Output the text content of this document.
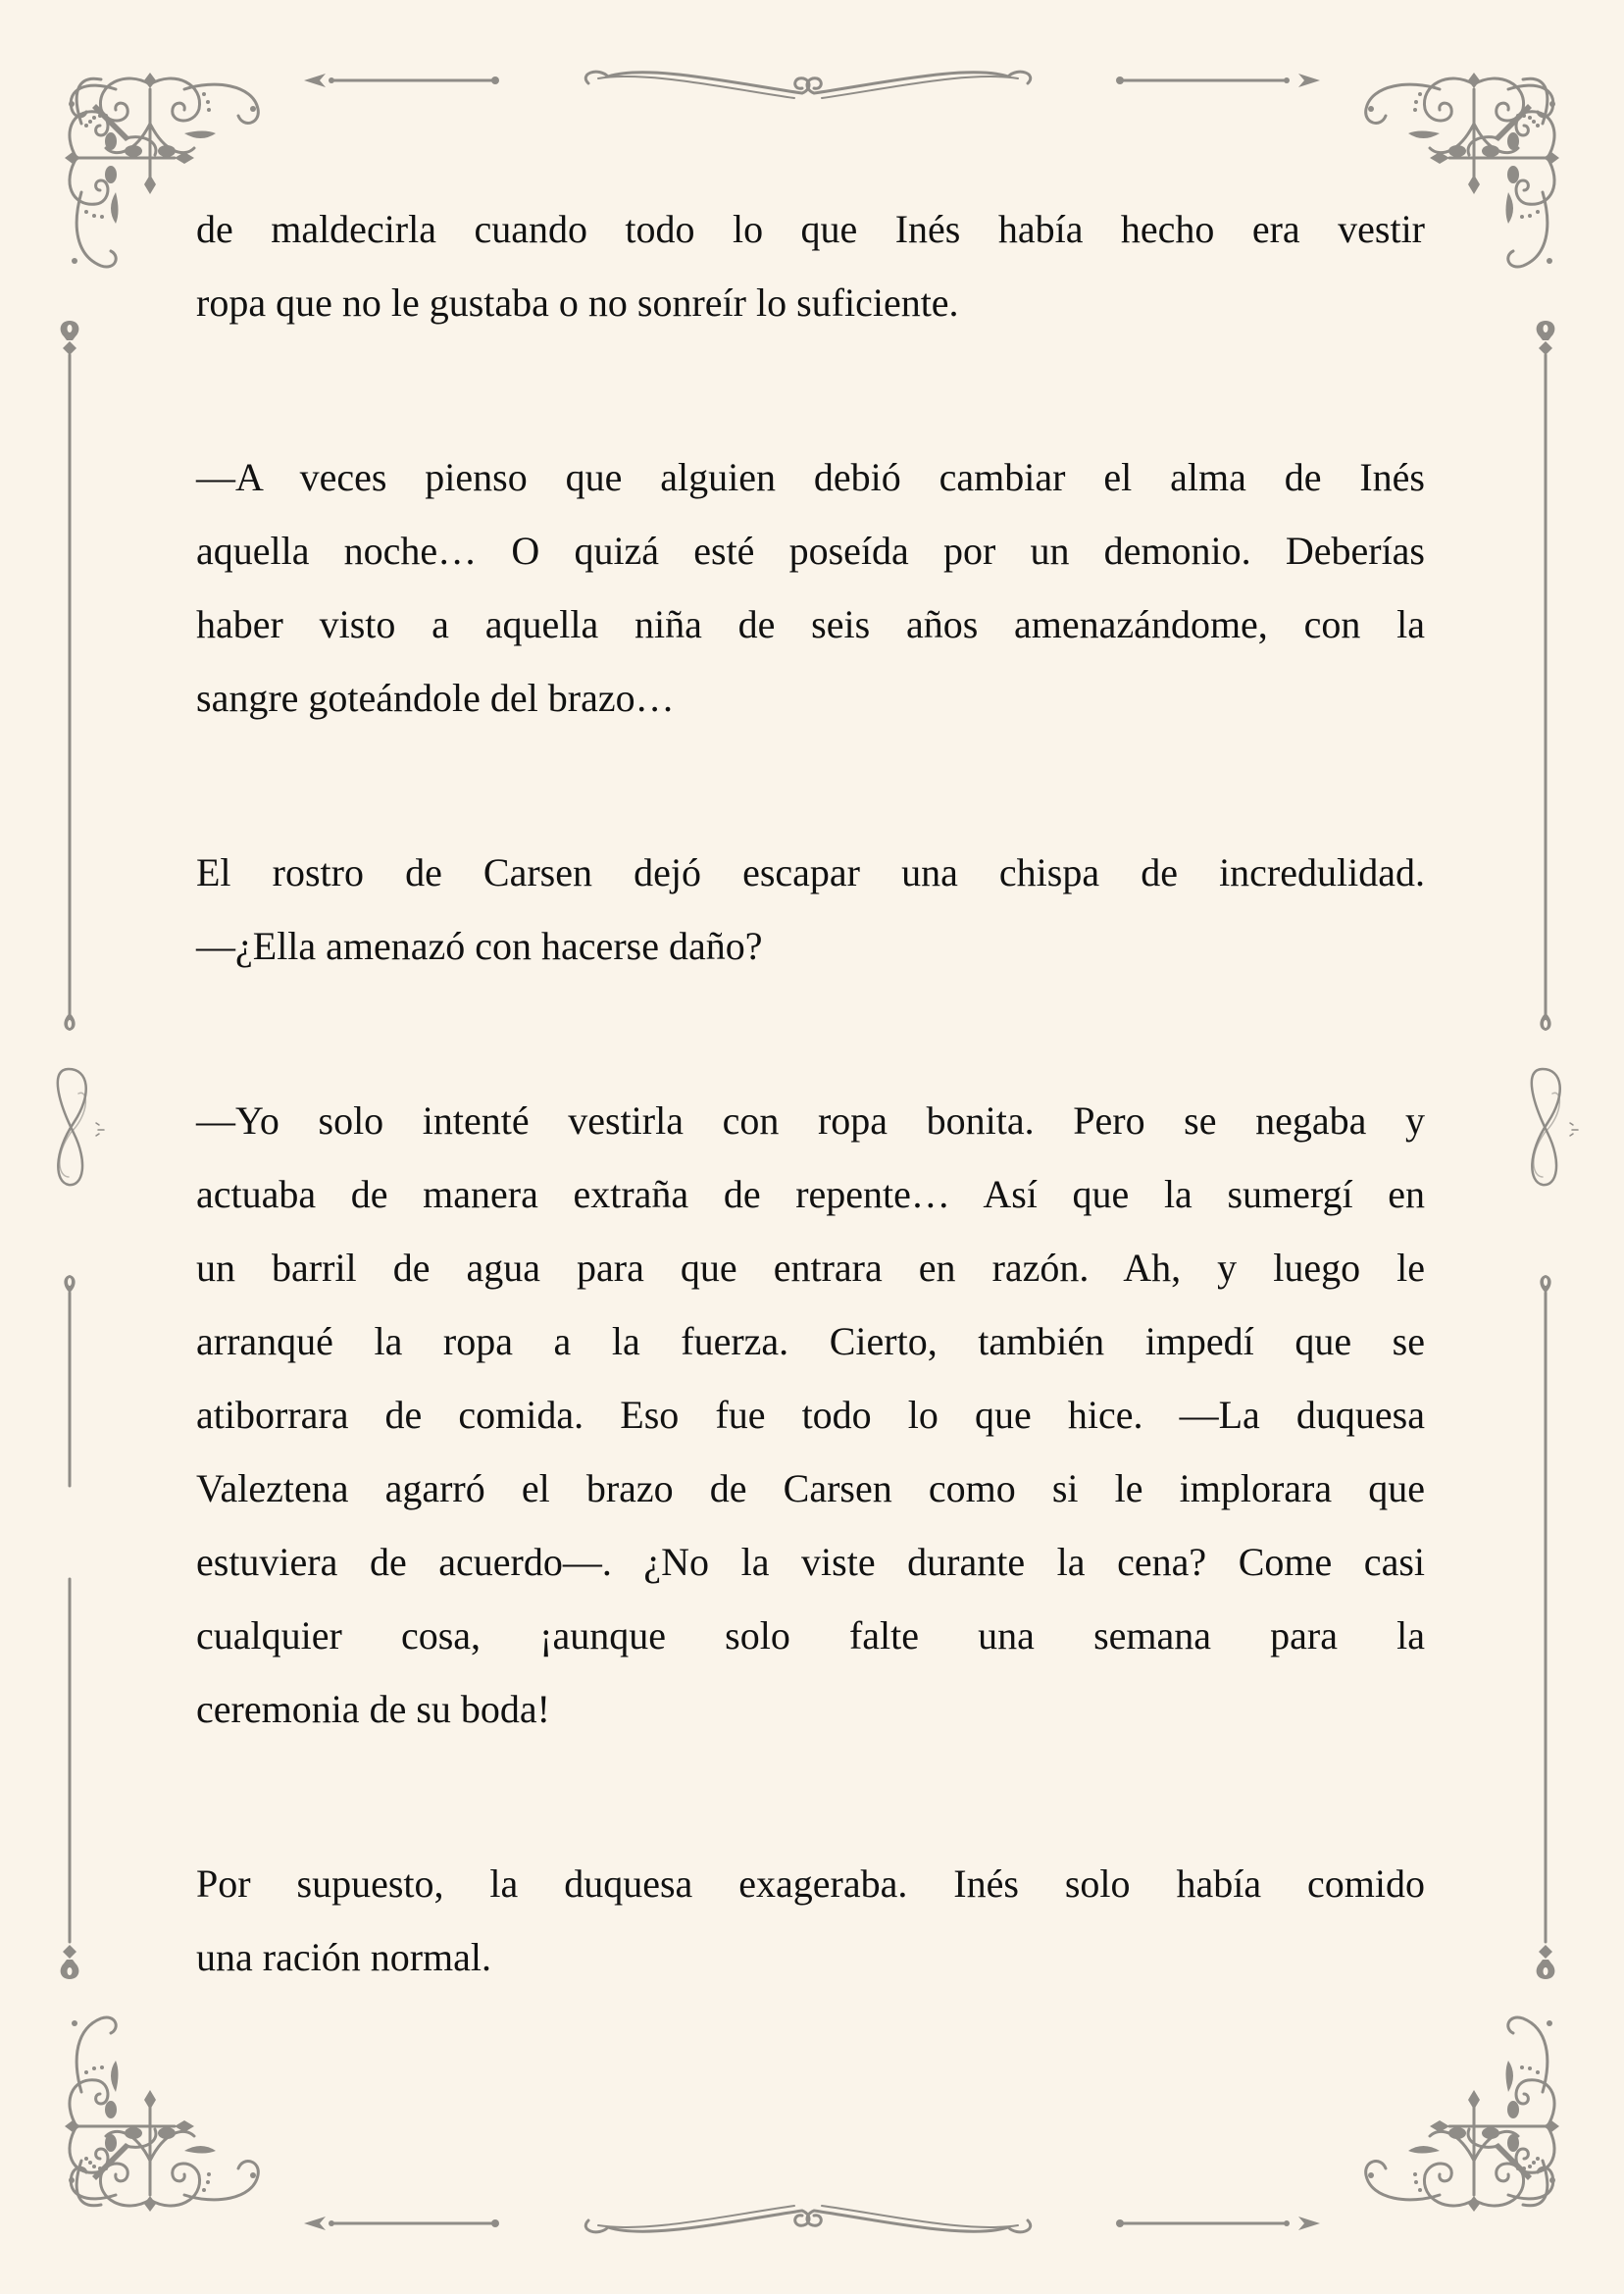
de maldecirla cuando todo lo que Inés había hecho era vestir
ropa que no le gustaba o no sonreír lo suficiente.

—A veces pienso que alguien debió cambiar el alma de Inés
aquella noche… O quizá esté poseída por un demonio. Deberías
haber visto a aquella niña de seis años amenazándome, con la
sangre goteándole del brazo…

El rostro de Carsen dejó escapar una chispa de incredulidad.
—¿Ella amenazó con hacerse daño?

—Yo solo intenté vestirla con ropa bonita. Pero se negaba y
actuaba de manera extraña de repente… Así que la sumergí en
un barril de agua para que entrara en razón. Ah, y luego le
arranqué la ropa a la fuerza. Cierto, también impedí que se
atiborrara de comida. Eso fue todo lo que hice. —La duquesa
Valeztena agarró el brazo de Carsen como si le implorara que
estuviera de acuerdo—. ¿No la viste durante la cena? Come casi
cualquier cosa, ¡aunque solo falte una semana para la
ceremonia de su boda!

Por supuesto, la duquesa exageraba. Inés solo había comido
una ración normal.
